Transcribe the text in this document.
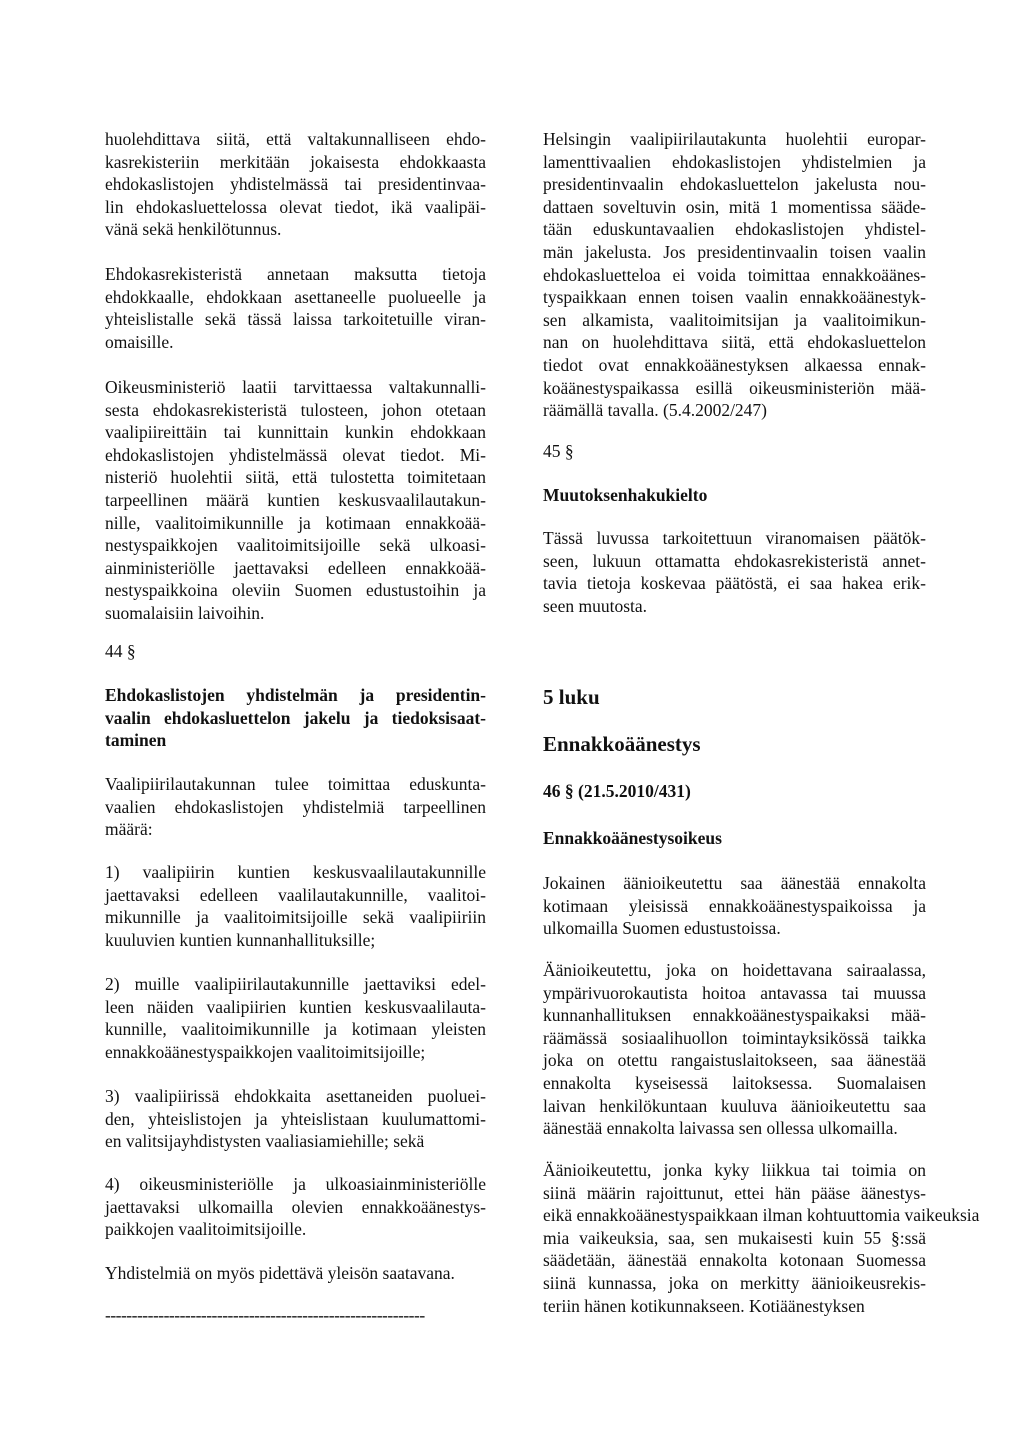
huolehdittava siitä, että valtakunnalliseen ehdo-
kasrekisteriin merkitään jokaisesta ehdokkaasta
ehdokaslistojen yhdistelmässä tai presidentinvaa-
lin ehdokasluettelossa olevat tiedot, ikä vaalipäi-
vänä sekä henkilötunnus.
Ehdokasrekisteristä annetaan maksutta tietoja
ehdokkaalle, ehdokkaan asettaneelle puolueelle ja
yhteislistalle sekä tässä laissa tarkoitetuille viran-
omaisille.
Oikeusministeriö laatii tarvittaessa valtakunnalli-
sesta ehdokasrekisteristä tulosteen, johon otetaan
vaalipiireittäin tai kunnittain kunkin ehdokkaan
ehdokaslistojen yhdistelmässä olevat tiedot. Mi-
nisteriö huolehtii siitä, että tulostetta toimitetaan
tarpeellinen määrä kuntien keskusvaalilautakun-
nille, vaalitoimikunnille ja kotimaan ennakkoää-
nestyspaikkojen vaalitoimitsijoille sekä ulkoasi-
ainministeriölle jaettavaksi edelleen ennakkoää-
nestyspaikkoina oleviin Suomen edustustoihin ja
suomalaisiin laivoihin.
44 §
Ehdokaslistojen yhdistelmän ja presidentin-
vaalin ehdokasluettelon jakelu ja tiedoksisaat-
taminen
Vaalipiirilautakunnan tulee toimittaa eduskunta-
vaalien ehdokaslistojen yhdistelmiä tarpeellinen
määrä:
1) vaalipiirin kuntien keskusvaalilautakunnille
jaettavaksi edelleen vaalilautakunnille, vaalitoi-
mikunnille ja vaalitoimitsijoille sekä vaalipiiriin
kuuluvien kuntien kunnanhallituksille;
2) muille vaalipiirilautakunnille jaettaviksi edel-
leen näiden vaalipiirien kuntien keskusvaalilauta-
kunnille, vaalitoimikunnille ja kotimaan yleisten
ennakkoäänestyspaikkojen vaalitoimitsijoille;
3) vaalipiirissä ehdokkaita asettaneiden puoluei-
den, yhteislistojen ja yhteislistaan kuulumattomi-
en valitsijayhdistysten vaaliasiamiehille; sekä
4) oikeusministeriölle ja ulkoasiainministeriölle
jaettavaksi ulkomailla olevien ennakkoäänestys-
paikkojen vaalitoimitsijoille.
Yhdistelmiä on myös pidettävä yleisön saatavana.
------------------------------------------------------------
Helsingin vaalipiirilautakunta huolehtii europar-
lamenttivaalien ehdokaslistojen yhdistelmien ja
presidentinvaalin ehdokasluettelon jakelusta nou-
dattaen soveltuvin osin, mitä 1 momentissa sääde-
tään eduskuntavaalien ehdokaslistojen yhdistel-
män jakelusta. Jos presidentinvaalin toisen vaalin
ehdokasluetteloa ei voida toimittaa ennakkoäänes-
tyspaikkaan ennen toisen vaalin ennakkoäänestyk-
sen alkamista, vaalitoimitsijan ja vaalitoimikun-
nan on huolehdittava siitä, että ehdokasluettelon
tiedot ovat ennakkoäänestyksen alkaessa ennak-
koäänestyspaikassa esillä oikeusministeriön mää-
räämällä tavalla. (5.4.2002/247)
45 §
Muutoksenhakukielto
Tässä luvussa tarkoitettuun viranomaisen päätök-
seen, lukuun ottamatta ehdokasrekisteristä annet-
tavia tietoja koskevaa päätöstä, ei saa hakea erik-
seen muutosta.
5 luku
Ennakkoäänestys
46 § (21.5.2010/431)
Ennakkoäänestysoikeus
Jokainen äänioikeutettu saa äänestää ennakolta
kotimaan yleisissä ennakkoäänestyspaikoissa ja
ulkomailla Suomen edustustoissa.
Äänioikeutettu, joka on hoidettavana sairaalassa,
ympärivuorokautista hoitoa antavassa tai muussa
kunnanhallituksen ennakkoäänestyspaikaksi mää-
räämässä sosiaalihuollon toimintayksikössä taikka
joka on otettu rangaistuslaitokseen, saa äänestää
ennakolta kyseisessä laitoksessa. Suomalaisen
laivan henkilökuntaan kuuluva äänioikeutettu saa
äänestää ennakolta laivassa sen ollessa ulkomailla.
Äänioikeutettu, jonka kyky liikkua tai toimia on
siinä määrin rajoittunut, ettei hän pääse äänestys-
eikä ennakkoäänestyspaikkaan ilman kohtuuttomia vaikeuksia
mia vaikeuksia, saa, sen mukaisesti kuin 55 §:ssä
säädetään, äänestää ennakolta kotonaan Suomessa
siinä kunnassa, joka on merkitty äänioikeusrekis-
teriin hänen kotikunnakseen. Kotiäänestyksen
